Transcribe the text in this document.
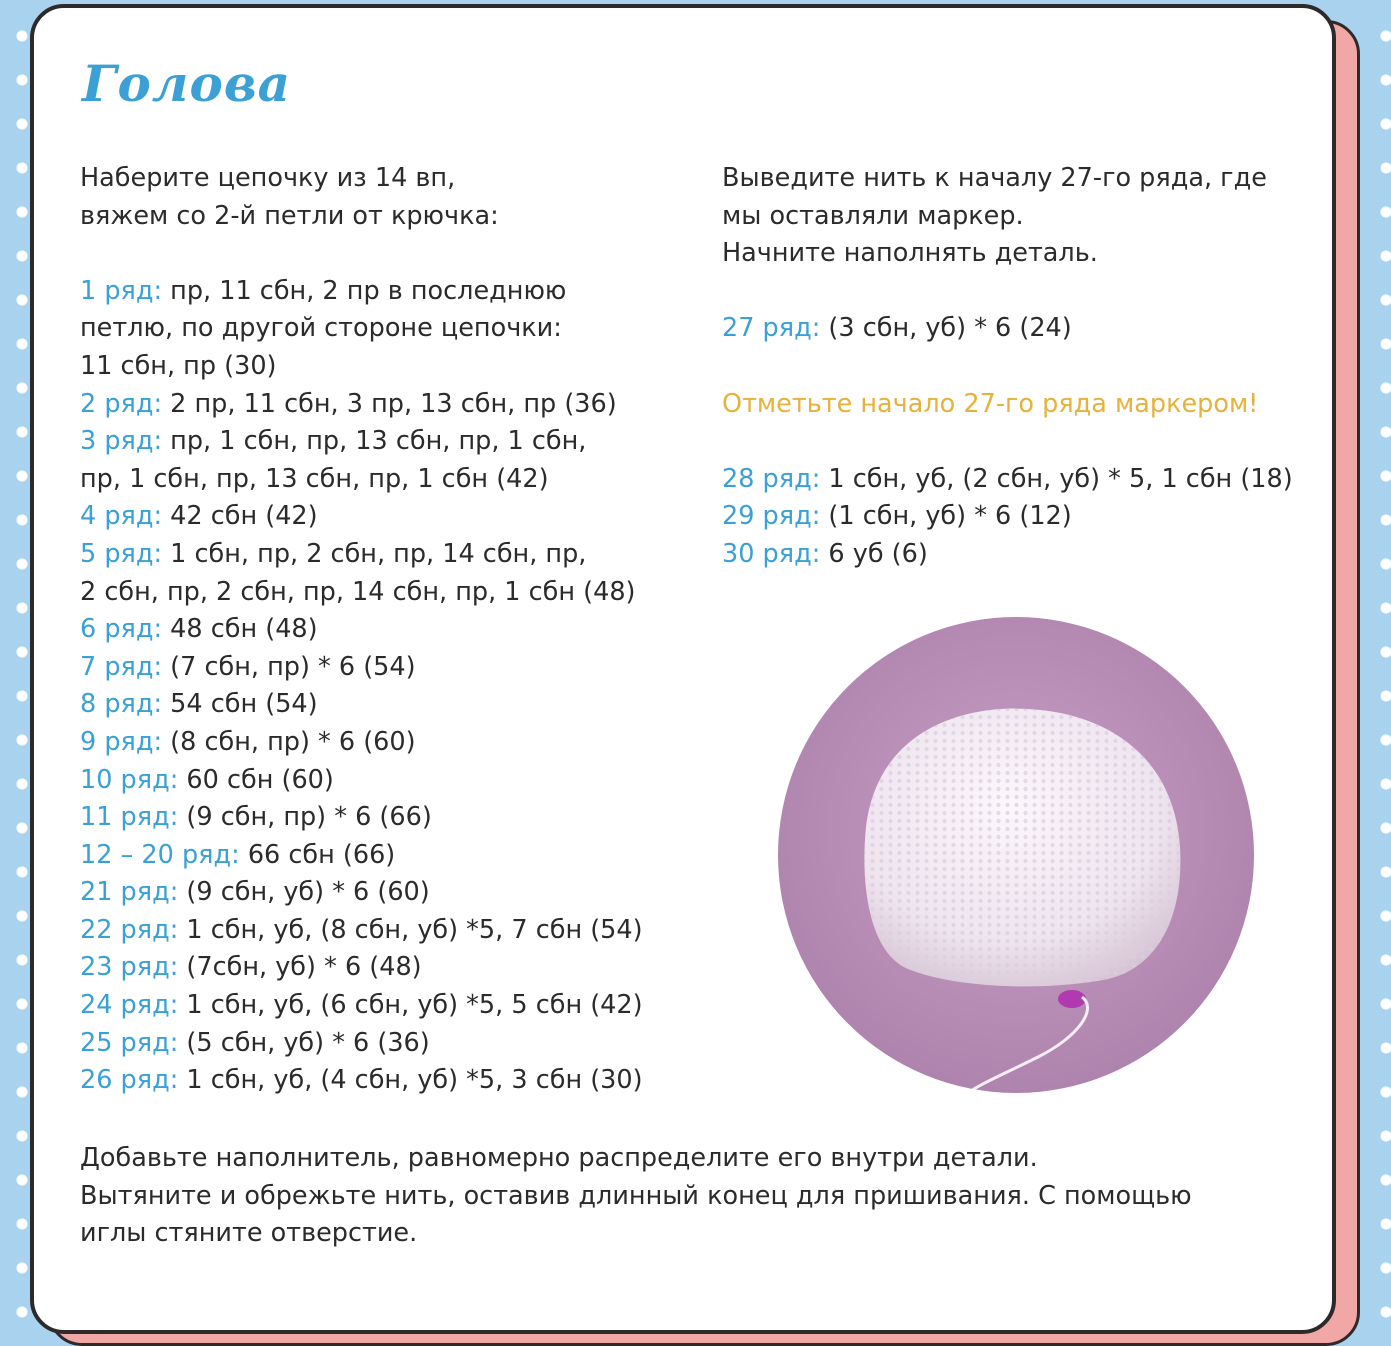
Голова
Наберите цепочку из 14 вп,
вяжем со 2-й петли от крючка:
1 ряд: пр, 11 сбн, 2 пр в последнюю
петлю, по другой стороне цепочки:
11 сбн, пр (30)
2 ряд: 2 пр, 11 сбн, 3 пр, 13 сбн, пр (36)
3 ряд: пр, 1 сбн, пр, 13 сбн, пр, 1 сбн,
пр, 1 сбн, пр, 13 сбн, пр, 1 сбн (42)
4 ряд: 42 сбн (42)
5 ряд: 1 сбн, пр, 2 сбн, пр, 14 сбн, пр,
2 сбн, пр, 2 сбн, пр, 14 сбн, пр, 1 сбн (48)
6 ряд: 48 сбн (48)
7 ряд: (7 сбн, пр) * 6 (54)
8 ряд: 54 сбн (54)
9 ряд: (8 сбн, пр) * 6 (60)
10 ряд: 60 сбн (60)
11 ряд: (9 сбн, пр) * 6 (66)
12 – 20 ряд: 66 сбн (66)
21 ряд: (9 сбн, уб) * 6 (60)
22 ряд: 1 сбн, уб, (8 сбн, уб) *5, 7 сбн (54)
23 ряд: (7сбн, уб) * 6 (48)
24 ряд: 1 сбн, уб, (6 сбн, уб) *5, 5 сбн (42)
25 ряд: (5 сбн, уб) * 6 (36)
26 ряд: 1 сбн, уб, (4 сбн, уб) *5, 3 сбн (30)
Выведите нить к началу 27-го ряда, где
мы оставляли маркер.
Начните наполнять деталь.
27 ряд: (3 сбн, уб) * 6 (24)
Отметьте начало 27-го ряда маркером!
28 ряд: 1 сбн, уб, (2 сбн, уб) * 5, 1 сбн (18)
29 ряд: (1 сбн, уб) * 6 (12)
30 ряд: 6 уб (6)
Добавьте наполнитель, равномерно распределите его внутри детали.
Вытяните и обрежьте нить, оставив длинный конец для пришивания. С помощью
иглы стяните отверстие.
